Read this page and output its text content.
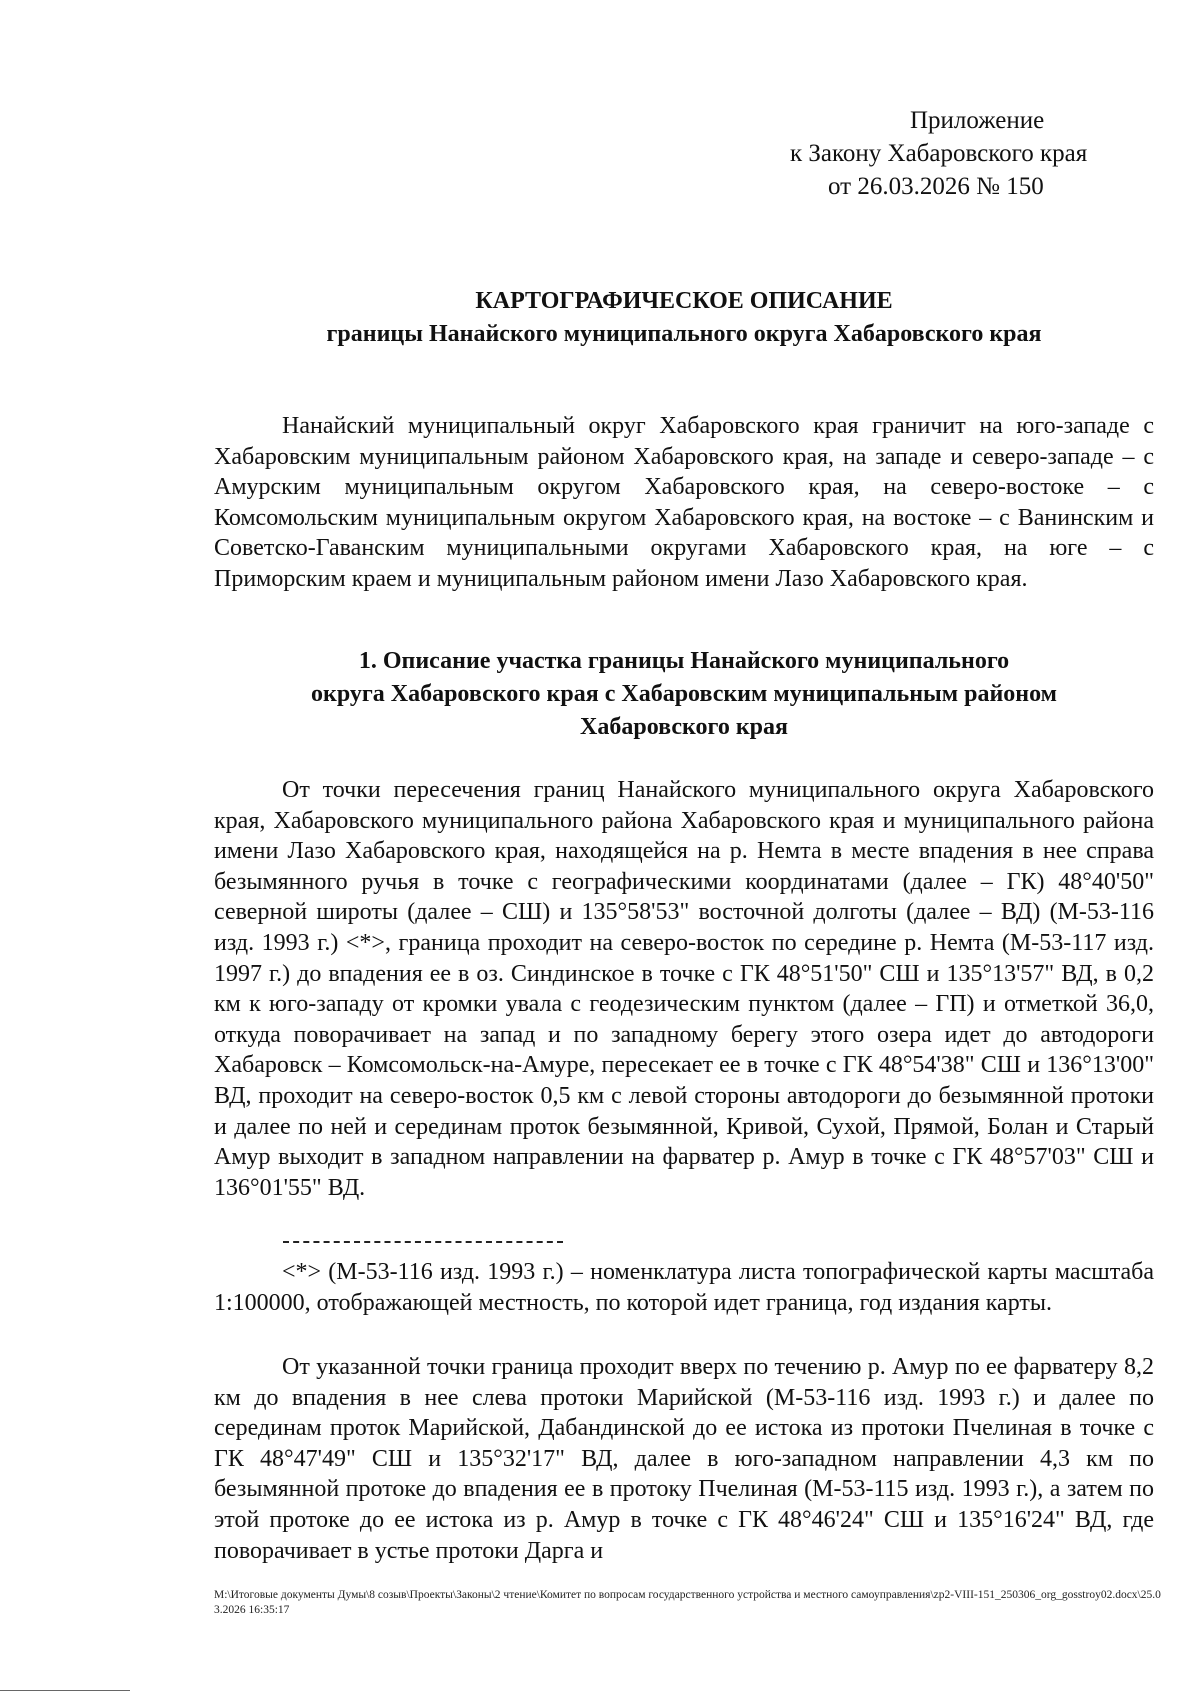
Приложение
к Закону Хабаровского края
от 26.03.2026 № 150
КАРТОГРАФИЧЕСКОЕ ОПИСАНИЕ
границы Нанайского муниципального округа Хабаровского края

Нанайский муниципальный округ Хабаровского края граничит на юго-западе с Хабаровским муниципальным районом Хабаровского края, на западе и северо-западе – с Амурским муниципальным округом Хабаровского края, на северо-востоке – с Комсомольским муниципальным округом Хабаровского края, на востоке – с Ванинским и Советско-Гаванским муниципальными округами Хабаровского края, на юге – с Приморским краем и муниципальным районом имени Лазо Хабаровского края.

1. Описание участка границы Нанайского муниципального
округа Хабаровского края с Хабаровским муниципальным районом
Хабаровского края

От точки пересечения границ Нанайского муниципального округа Хабаровского края, Хабаровского муниципального района Хабаровского края и муниципального района имени Лазо Хабаровского края, находящейся на р. Немта в месте впадения в нее справа безымянного ручья в точке с географическими координатами (далее – ГК) 48°40'50" северной широты (далее – СШ) и 135°58'53" восточной долготы (далее – ВД) (М-53-116 изд. 1993 г.) <*>, граница проходит на северо-восток по середине р. Немта (М-53-117 изд. 1997 г.) до впадения ее в оз. Синдинское в точке с ГК 48°51'50" СШ и 135°13'57" ВД, в 0,2 км к юго-западу от кромки увала с геодезическим пунктом (далее – ГП) и отметкой 36,0, откуда поворачивает на запад и по западному берегу этого озера идет до автодороги Хабаровск – Комсомольск-на-Амуре, пересекает ее в точке с ГК 48°54'38" СШ и 136°13'00" ВД, проходит на северо-восток 0,5 км с левой стороны автодороги до безымянной протоки и далее по ней и серединам проток безымянной, Кривой, Сухой, Прямой, Болан и Старый Амур выходит в западном направлении на фарватер р. Амур в точке с ГК 48°57'03" СШ и 136°01'55" ВД.

<*> (М-53-116 изд. 1993 г.) – номенклатура листа топографической карты масштаба 1:100000, отображающей местность, по которой идет граница, год издания карты.

От указанной точки граница проходит вверх по течению р. Амур по ее фарватеру 8,2 км до впадения в нее слева протоки Марийской (М-53-116 изд. 1993 г.) и далее по серединам проток Марийской, Дабандинской до ее истока из протоки Пчелиная в точке с ГК 48°47'49" СШ и 135°32'17" ВД, далее в юго-западном направлении 4,3 км по безымянной протоке до впадения ее в протоку Пчелиная (М-53-115 изд. 1993 г.), а затем по этой протоке до ее истока из р. Амур в точке с ГК 48°46'24" СШ и 135°16'24" ВД, где поворачивает в устье протоки Дарга и

M:\Итоговые документы Думы\8 созыв\Проекты\Законы\2 чтение\Комитет по вопросам государственного устройства и местного самоуправления\zp2-VIII-151_250306_org_gosstroy02.docx\25.03.2026 16:35:17
